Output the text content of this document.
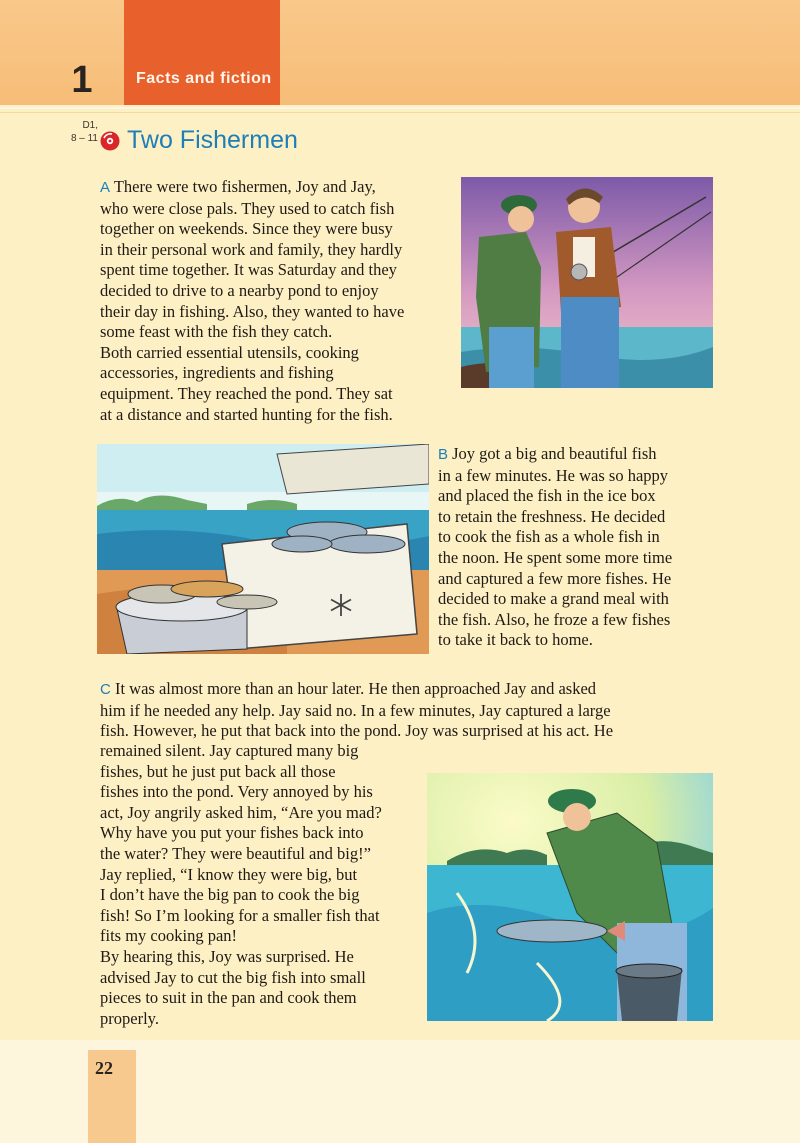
1	Facts and fiction
D1,
8 – 11 Two Fishermen

A There were two fishermen, Joy and Jay,
who were close pals. They used to catch fish
together on weekends. Since they were busy
in their personal work and family, they hardly
spent time together. It was Saturday and they
decided to drive to a nearby pond to enjoy
their day in fishing. Also, they wanted to have
some feast with the fish they catch.
Both carried essential utensils, cooking
accessories, ingredients and fishing
equipment. They reached the pond. They sat
at a distance and started hunting for the fish.

B Joy got a big and beautiful fish
in a few minutes. He was so happy
and placed the fish in the ice box
to retain the freshness. He decided
to cook the fish as a whole fish in
the noon. He spent some more time
and captured a few more fishes. He
decided to make a grand meal with
the fish. Also, he froze a few fishes
to take it back to home.

C It was almost more than an hour later. He then approached Jay and asked
him if he needed any help. Jay said no. In a few minutes, Jay captured a large
fish. However, he put that back into the pond. Joy was surprised at his act. He

remained silent. Jay captured many big
fishes, but he just put back all those
fishes into the pond. Very annoyed by his
act, Joy angrily asked him, “Are you mad?
Why have you put your fishes back into
the water? They were beautiful and big!”
Jay replied, “I know they were big, but
I don’t have the big pan to cook the big
fish! So I’m looking for a smaller fish that
fits my cooking pan!
By hearing this, Joy was surprised. He
advised Jay to cut the big fish into small
pieces to suit in the pan and cook them
properly.

22
